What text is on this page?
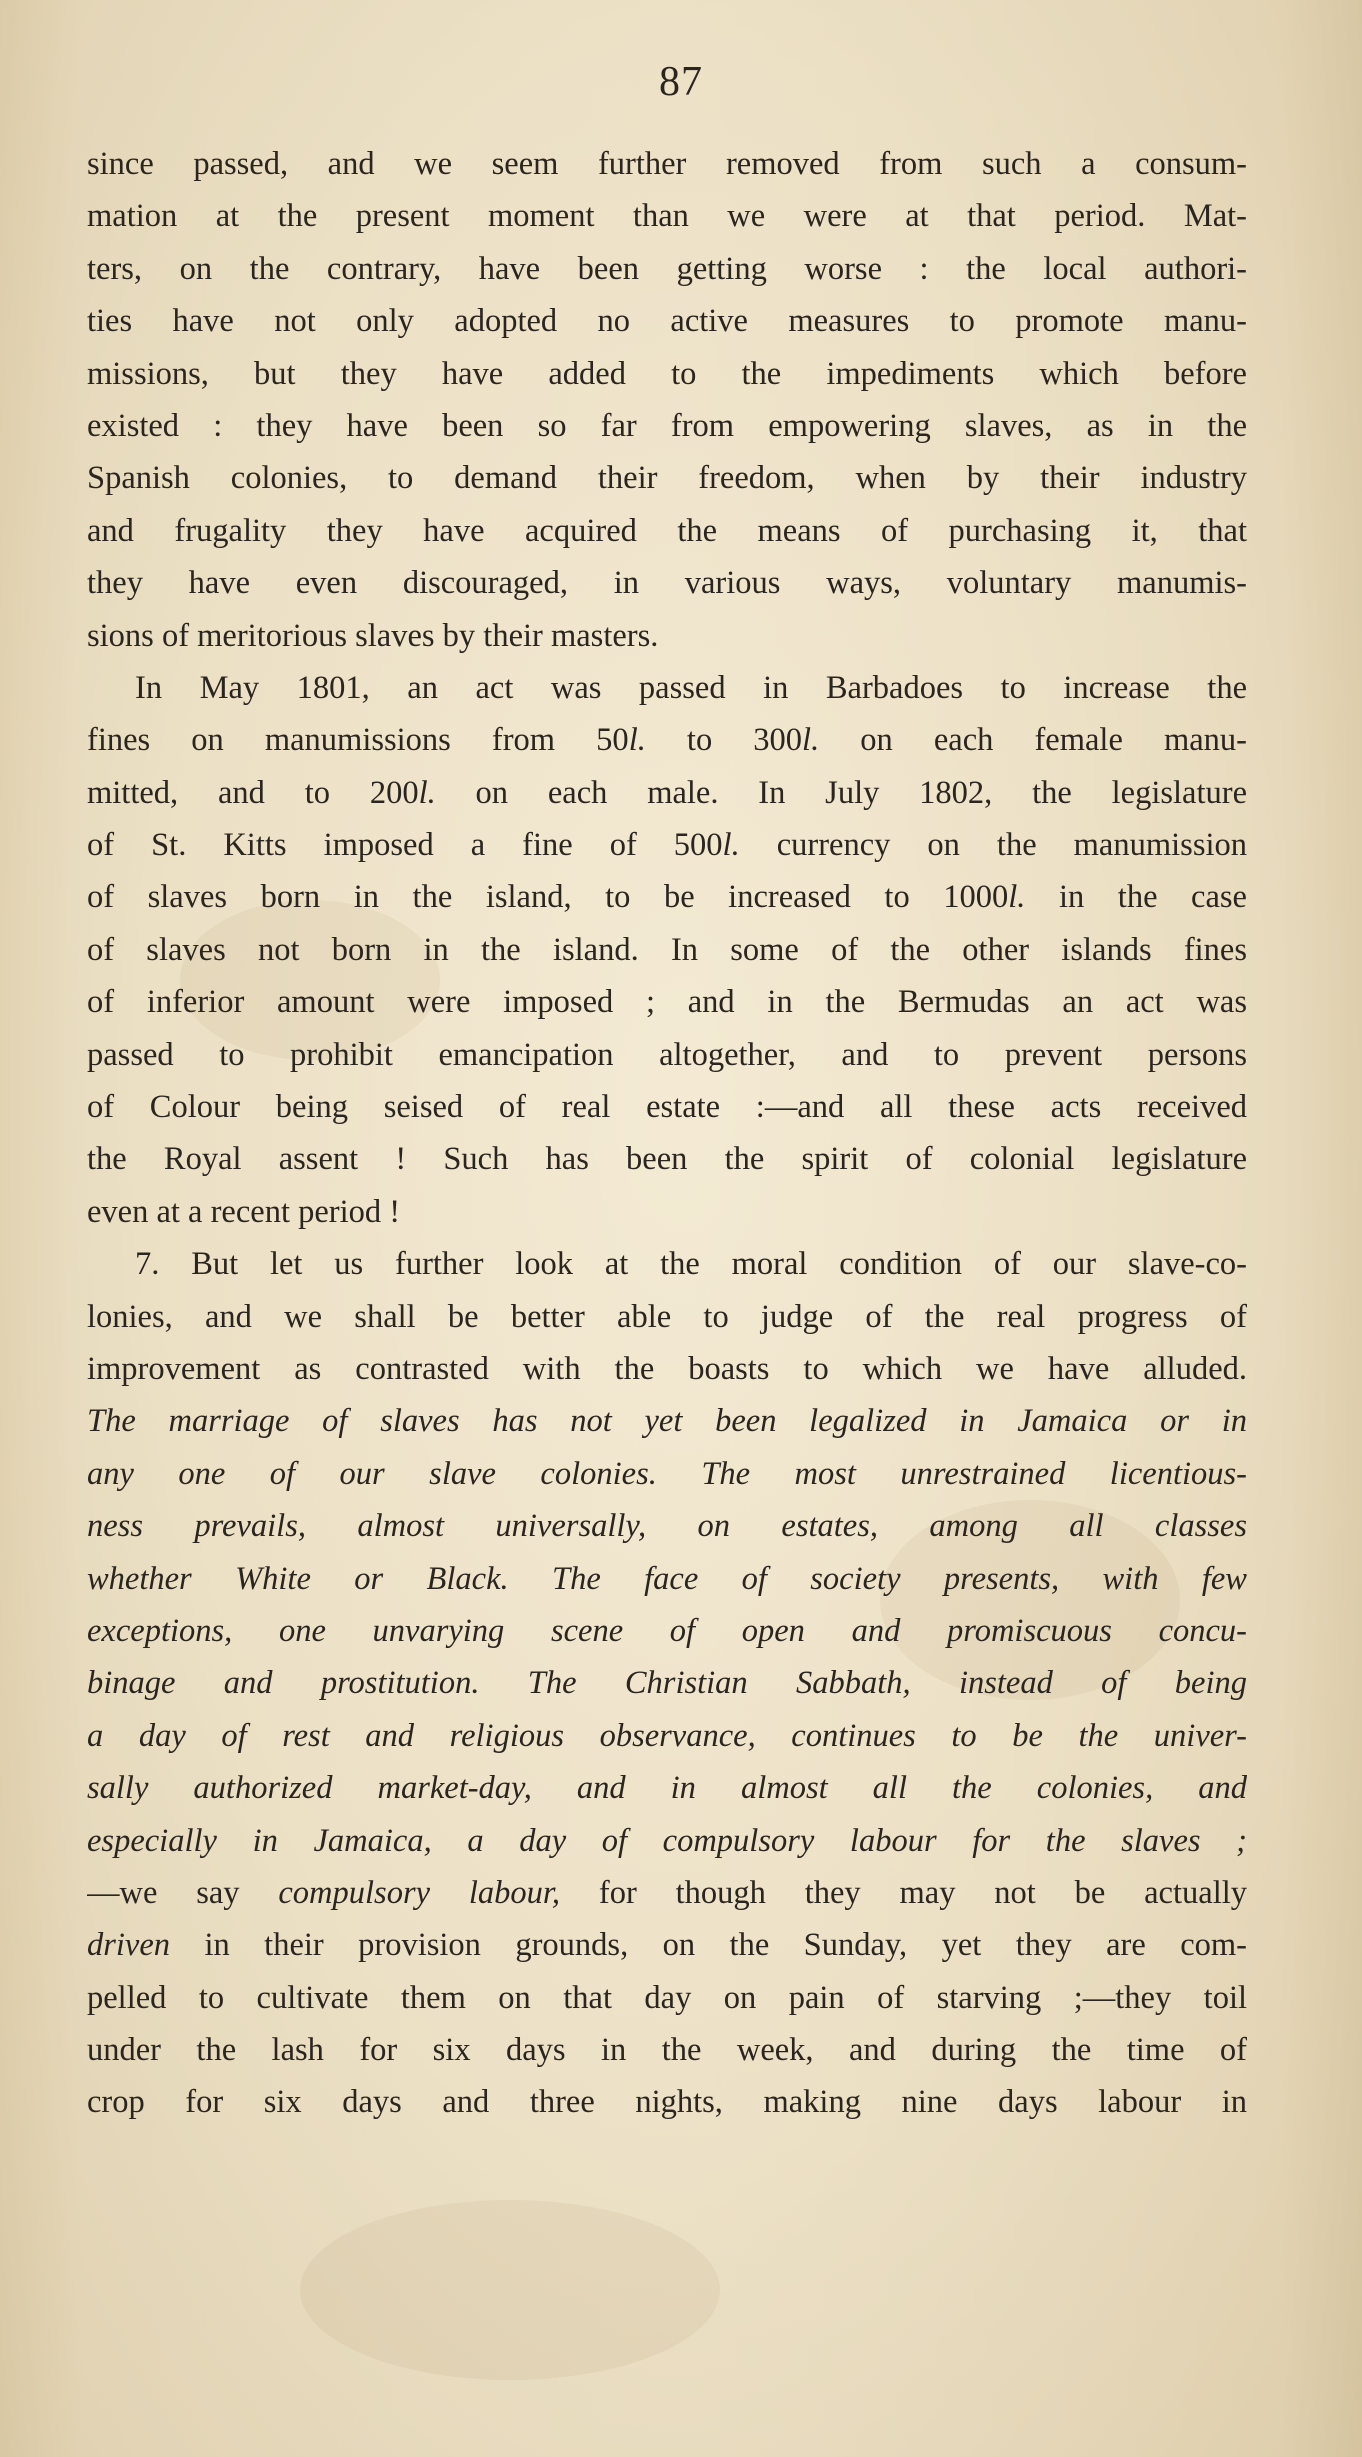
87
since passed, and we seem further removed from such a consum-
mation at the present moment than we were at that period. Mat-
ters, on the contrary, have been getting worse : the local authori-
ties have not only adopted no active measures to promote manu-
missions, but they have added to the impediments which before
existed : they have been so far from empowering slaves, as in the
Spanish colonies, to demand their freedom, when by their industry
and frugality they have acquired the means of purchasing it, that
they have even discouraged, in various ways, voluntary manumis-
sions of meritorious slaves by their masters.
In May 1801, an act was passed in Barbadoes to increase the
fines on manumissions from 50l. to 300l. on each female manu-
mitted, and to 200l. on each male. In July 1802, the legislature
of St. Kitts imposed a fine of 500l. currency on the manumission
of slaves born in the island, to be increased to 1000l. in the case
of slaves not born in the island. In some of the other islands fines
of inferior amount were imposed ; and in the Bermudas an act was
passed to prohibit emancipation altogether, and to prevent persons
of Colour being seised of real estate :—and all these acts received
the Royal assent ! Such has been the spirit of colonial legislature
even at a recent period !
7. But let us further look at the moral condition of our slave-co-
lonies, and we shall be better able to judge of the real progress of
improvement as contrasted with the boasts to which we have alluded.
The marriage of slaves has not yet been legalized in Jamaica or in
any one of our slave colonies. The most unrestrained licentious-
ness prevails, almost universally, on estates, among all classes
whether White or Black. The face of society presents, with few
exceptions, one unvarying scene of open and promiscuous concu-
binage and prostitution. The Christian Sabbath, instead of being
a day of rest and religious observance, continues to be the univer-
sally authorized market-day, and in almost all the colonies, and
especially in Jamaica, a day of compulsory labour for the slaves ;
—we say compulsory labour, for though they may not be actually
driven in their provision grounds, on the Sunday, yet they are com-
pelled to cultivate them on that day on pain of starving ;—they toil
under the lash for six days in the week, and during the time of
crop for six days and three nights, making nine days labour in
